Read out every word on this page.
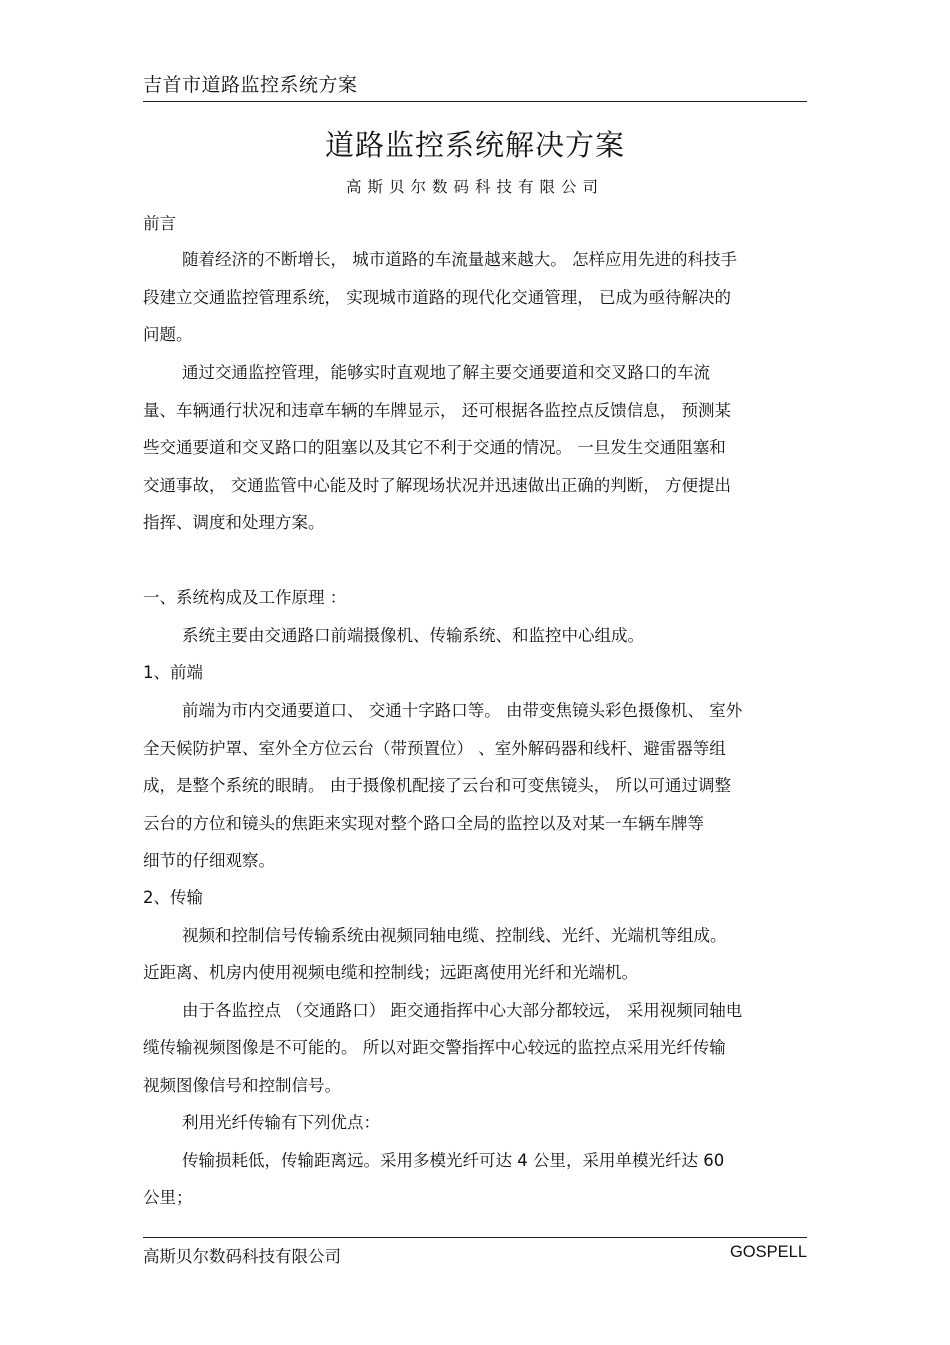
吉首市道路监控系统方案
道路监控系统解决方案
高斯贝尔数码科技有限公司
前言
随着经济的不断增长， 城市道路的车流量越来越大。 怎样应用先进的科技手
段建立交通监控管理系统， 实现城市道路的现代化交通管理， 已成为亟待解决的
问题。
通过交通监控管理，能够实时直观地了解主要交通要道和交叉路口的车流
量、车辆通行状况和违章车辆的车牌显示， 还可根据各监控点反馈信息， 预测某
些交通要道和交叉路口的阻塞以及其它不利于交通的情况。 一旦发生交通阻塞和
交通事故， 交通监管中心能及时了解现场状况并迅速做出正确的判断， 方便提出
指挥、调度和处理方案。
一、系统构成及工作原理 ：
系统主要由交通路口前端摄像机、传输系统、和监控中心组成。
1、前端
前端为市内交通要道口、 交通十字路口等。 由带变焦镜头彩色摄像机、 室外
全天候防护罩、室外全方位云台（带预置位） 、室外解码器和线杆、避雷器等组
成，是整个系统的眼睛。 由于摄像机配接了云台和可变焦镜头， 所以可通过调整
云台的方位和镜头的焦距来实现对整个路口全局的监控以及对某一车辆车牌等
细节的仔细观察。
2、传输
视频和控制信号传输系统由视频同轴电缆、控制线、光纤、光端机等组成。
近距离、机房内使用视频电缆和控制线；远距离使用光纤和光端机。
由于各监控点 （交通路口） 距交通指挥中心大部分都较远， 采用视频同轴电
缆传输视频图像是不可能的。 所以对距交警指挥中心较远的监控点采用光纤传输
视频图像信号和控制信号。
利用光纤传输有下列优点：
传输损耗低，传输距离远。采用多模光纤可达 4 公里，采用单模光纤达 60
公里；
高斯贝尔数码科技有限公司	GOSPELL
